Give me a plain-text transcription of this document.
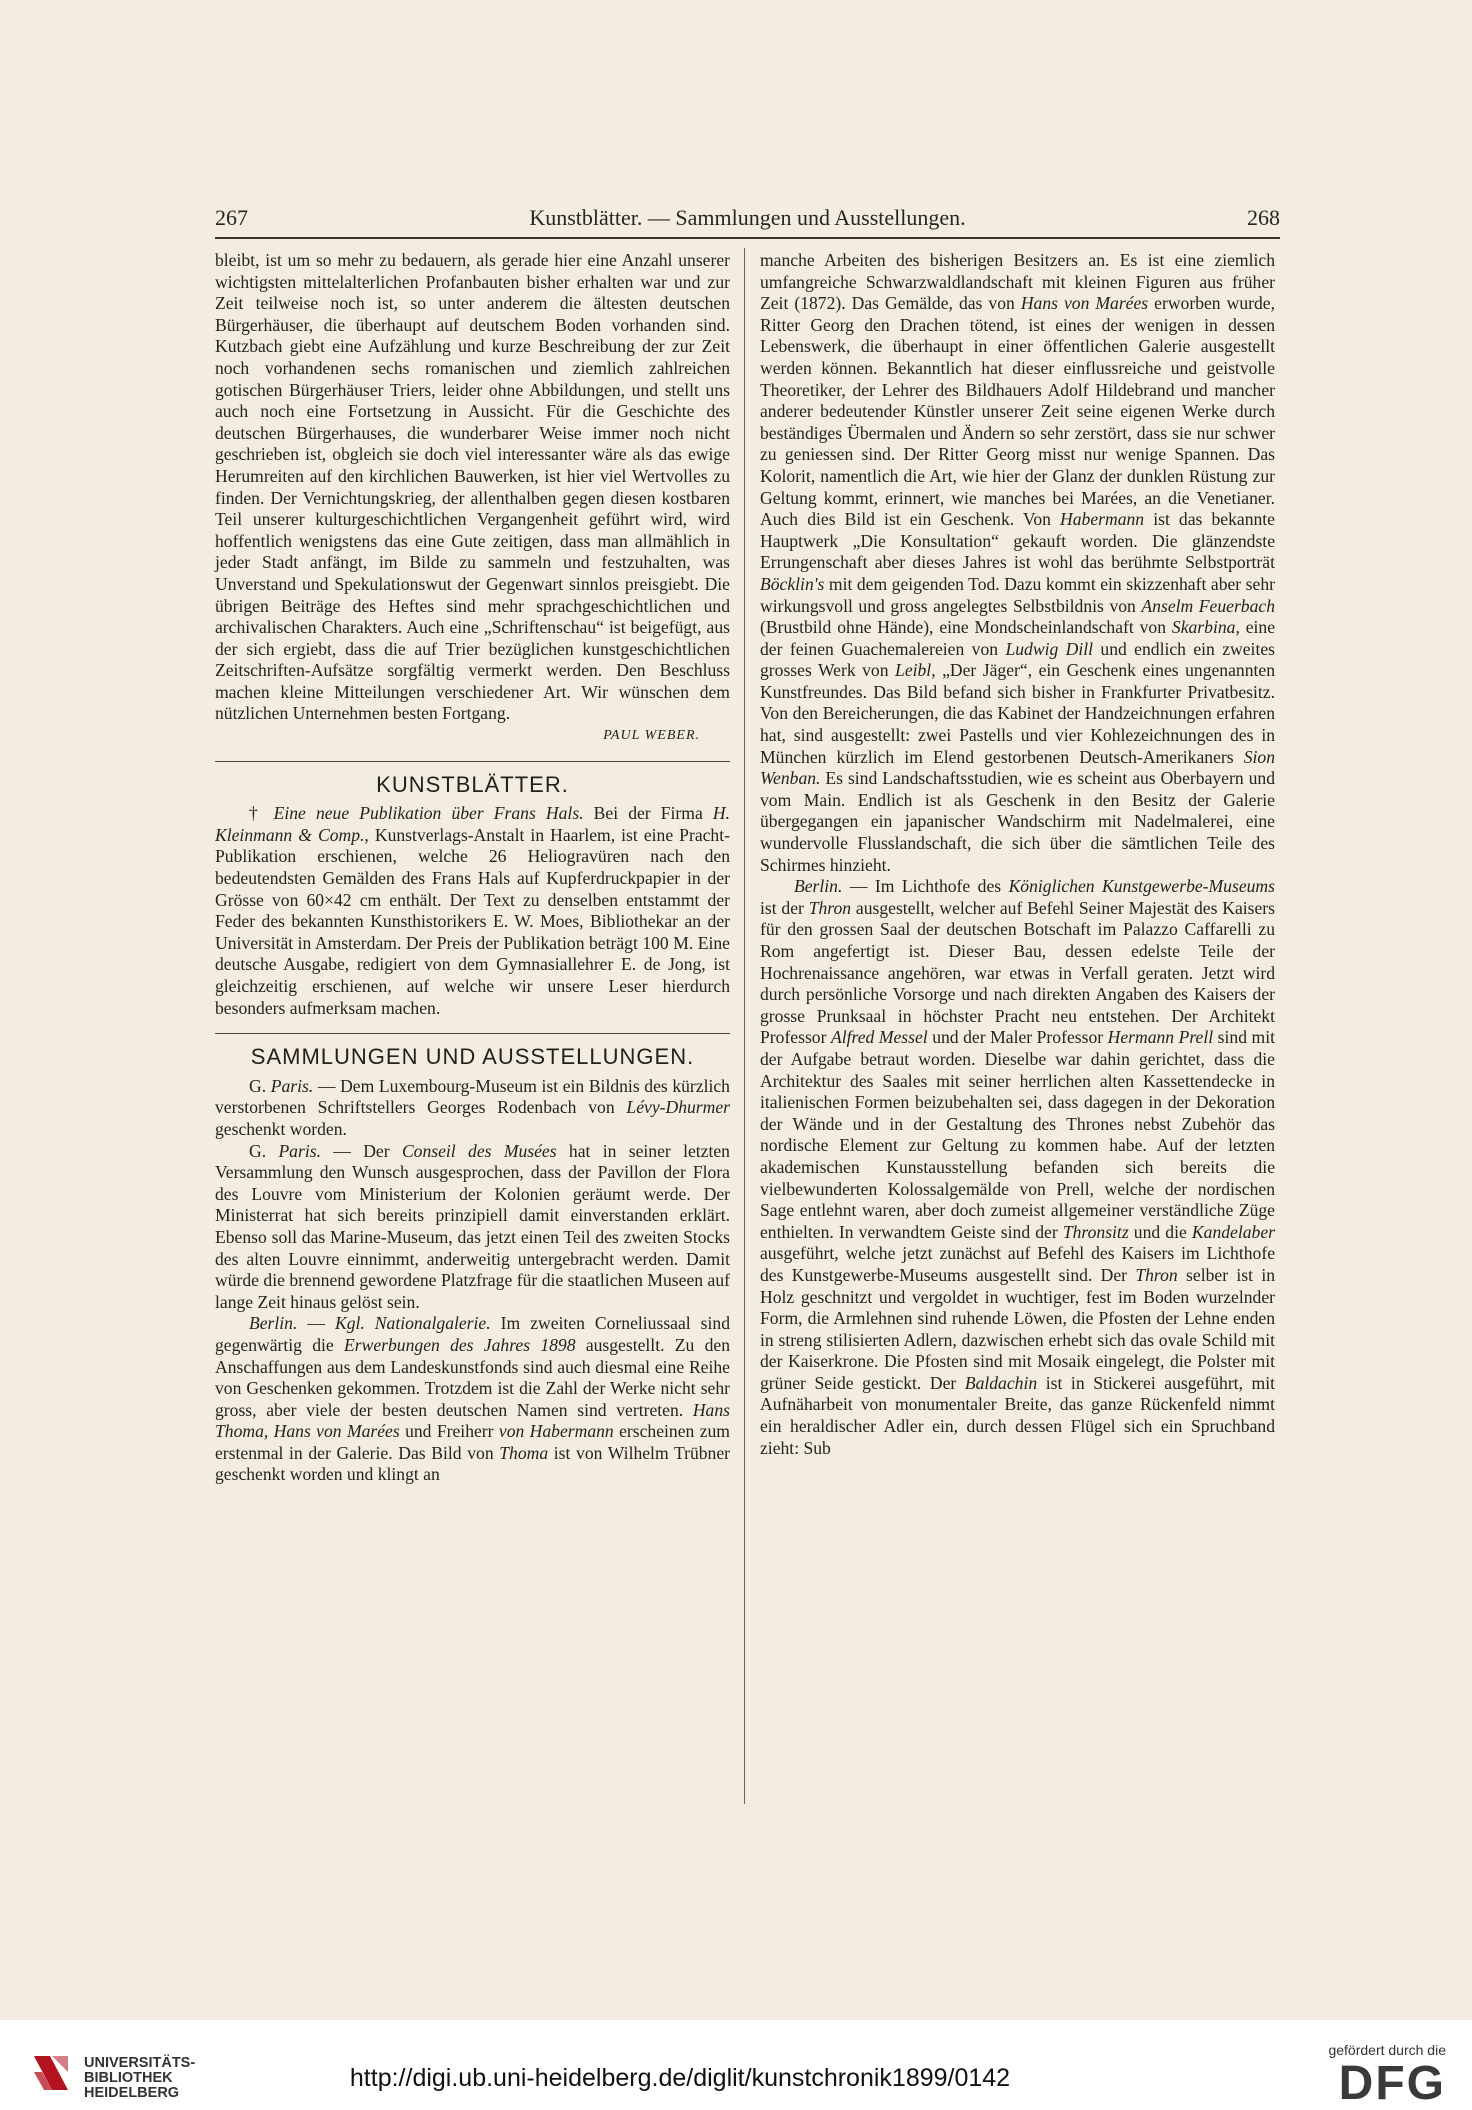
267	Kunstblätter. — Sammlungen und Ausstellungen.	268

bleibt, ist um so mehr zu bedauern, als gerade hier eine Anzahl unserer wichtigsten mittelalterlichen Profanbauten bisher erhalten war und zur Zeit teilweise noch ist, so unter anderem die ältesten deutschen Bürgerhäuser, die überhaupt auf deutschem Boden vorhanden sind. Kutzbach giebt eine Aufzählung und kurze Beschreibung der zur Zeit noch vorhandenen sechs romanischen und ziemlich zahlreichen gotischen Bürgerhäuser Triers, leider ohne Abbildungen, und stellt uns auch noch eine Fortsetzung in Aussicht. Für die Geschichte des deutschen Bürgerhauses, die wunderbarer Weise immer noch nicht geschrieben ist, obgleich sie doch viel interessanter wäre als das ewige Herumreiten auf den kirchlichen Bauwerken, ist hier viel Wertvolles zu finden. Der Vernichtungskrieg, der allenthalben gegen diesen kostbaren Teil unserer kulturgeschichtlichen Vergangenheit geführt wird, wird hoffentlich wenigstens das eine Gute zeitigen, dass man allmählich in jeder Stadt anfängt, im Bilde zu sammeln und festzuhalten, was Unverstand und Spekulationswut der Gegenwart sinnlos preisgiebt. Die übrigen Beiträge des Heftes sind mehr sprachgeschichtlichen und archivalischen Charakters. Auch eine „Schriftenschau“ ist beigefügt, aus der sich ergiebt, dass die auf Trier bezüglichen kunstgeschichtlichen Zeitschriften-Aufsätze sorgfältig vermerkt werden. Den Beschluss machen kleine Mitteilungen verschiedener Art. Wir wünschen dem nützlichen Unternehmen besten Fortgang.

PAUL WEBER.

KUNSTBLÄTTER.

† Eine neue Publikation über Frans Hals. Bei der Firma H. Kleinmann & Comp., Kunstverlags-Anstalt in Haarlem, ist eine Pracht-Publikation erschienen, welche 26 Heliogravüren nach den bedeutendsten Gemälden des Frans Hals auf Kupferdruckpapier in der Grösse von 60×42 cm enthält. Der Text zu denselben entstammt der Feder des bekannten Kunsthistorikers E. W. Moes, Bibliothekar an der Universität in Amsterdam. Der Preis der Publikation beträgt 100 M. Eine deutsche Ausgabe, redigiert von dem Gymnasiallehrer E. de Jong, ist gleichzeitig erschienen, auf welche wir unsere Leser hierdurch besonders aufmerksam machen.

SAMMLUNGEN UND AUSSTELLUNGEN.

G. Paris. — Dem Luxembourg-Museum ist ein Bildnis des kürzlich verstorbenen Schriftstellers Georges Rodenbach von Lévy-Dhurmer geschenkt worden.

G. Paris. — Der Conseil des Musées hat in seiner letzten Versammlung den Wunsch ausgesprochen, dass der Pavillon der Flora des Louvre vom Ministerium der Kolonien geräumt werde. Der Ministerrat hat sich bereits prinzipiell damit einverstanden erklärt. Ebenso soll das Marine-Museum, das jetzt einen Teil des zweiten Stocks des alten Louvre einnimmt, anderweitig untergebracht werden. Damit würde die brennend gewordene Platzfrage für die staatlichen Museen auf lange Zeit hinaus gelöst sein.

Berlin. — Kgl. Nationalgalerie. Im zweiten Corneliussaal sind gegenwärtig die Erwerbungen des Jahres 1898 ausgestellt. Zu den Anschaffungen aus dem Landeskunstfonds sind auch diesmal eine Reihe von Geschenken gekommen. Trotzdem ist die Zahl der Werke nicht sehr gross, aber viele der besten deutschen Namen sind vertreten. Hans Thoma, Hans von Marées und Freiherr von Habermann erscheinen zum erstenmal in der Galerie. Das Bild von Thoma ist von Wilhelm Trübner geschenkt worden und klingt an

manche Arbeiten des bisherigen Besitzers an. Es ist eine ziemlich umfangreiche Schwarzwaldlandschaft mit kleinen Figuren aus früher Zeit (1872). Das Gemälde, das von Hans von Marées erworben wurde, Ritter Georg den Drachen tötend, ist eines der wenigen in dessen Lebenswerk, die überhaupt in einer öffentlichen Galerie ausgestellt werden können. Bekanntlich hat dieser einflussreiche und geistvolle Theoretiker, der Lehrer des Bildhauers Adolf Hildebrand und mancher anderer bedeutender Künstler unserer Zeit seine eigenen Werke durch beständiges Übermalen und Ändern so sehr zerstört, dass sie nur schwer zu geniessen sind. Der Ritter Georg misst nur wenige Spannen. Das Kolorit, namentlich die Art, wie hier der Glanz der dunklen Rüstung zur Geltung kommt, erinnert, wie manches bei Marées, an die Venetianer. Auch dies Bild ist ein Geschenk. Von Habermann ist das bekannte Hauptwerk „Die Konsultation“ gekauft worden. Die glänzendste Errungenschaft aber dieses Jahres ist wohl das berühmte Selbstporträt Böcklin's mit dem geigenden Tod. Dazu kommt ein skizzenhaft aber sehr wirkungsvoll und gross angelegtes Selbstbildnis von Anselm Feuerbach (Brustbild ohne Hände), eine Mondscheinlandschaft von Skarbina, eine der feinen Guachemalereien von Ludwig Dill und endlich ein zweites grosses Werk von Leibl, „Der Jäger“, ein Geschenk eines ungenannten Kunstfreundes. Das Bild befand sich bisher in Frankfurter Privatbesitz. Von den Bereicherungen, die das Kabinet der Handzeichnungen erfahren hat, sind ausgestellt: zwei Pastells und vier Kohlezeichnungen des in München kürzlich im Elend gestorbenen Deutsch-Amerikaners Sion Wenban. Es sind Landschaftsstudien, wie es scheint aus Oberbayern und vom Main. Endlich ist als Geschenk in den Besitz der Galerie übergegangen ein japanischer Wandschirm mit Nadelmalerei, eine wundervolle Flusslandschaft, die sich über die sämtlichen Teile des Schirmes hinzieht.

Berlin. — Im Lichthofe des Königlichen Kunstgewerbe-Museums ist der Thron ausgestellt, welcher auf Befehl Seiner Majestät des Kaisers für den grossen Saal der deutschen Botschaft im Palazzo Caffarelli zu Rom angefertigt ist. Dieser Bau, dessen edelste Teile der Hochrenaissance angehören, war etwas in Verfall geraten. Jetzt wird durch persönliche Vorsorge und nach direkten Angaben des Kaisers der grosse Prunksaal in höchster Pracht neu entstehen. Der Architekt Professor Alfred Messel und der Maler Professor Hermann Prell sind mit der Aufgabe betraut worden. Dieselbe war dahin gerichtet, dass die Architektur des Saales mit seiner herrlichen alten Kassettendecke in italienischen Formen beizubehalten sei, dass dagegen in der Dekoration der Wände und in der Gestaltung des Thrones nebst Zubehör das nordische Element zur Geltung zu kommen habe. Auf der letzten akademischen Kunstausstellung befanden sich bereits die vielbewunderten Kolossalgemälde von Prell, welche der nordischen Sage entlehnt waren, aber doch zumeist allgemeiner verständliche Züge enthielten. In verwandtem Geiste sind der Thronsitz und die Kandelaber ausgeführt, welche jetzt zunächst auf Befehl des Kaisers im Lichthofe des Kunstgewerbe-Museums ausgestellt sind. Der Thron selber ist in Holz geschnitzt und vergoldet in wuchtiger, fest im Boden wurzelnder Form, die Armlehnen sind ruhende Löwen, die Pfosten der Lehne enden in streng stilisierten Adlern, dazwischen erhebt sich das ovale Schild mit der Kaiserkrone. Die Pfosten sind mit Mosaik eingelegt, die Polster mit grüner Seide gestickt. Der Baldachin ist in Stickerei ausgeführt, mit Aufnäharbeit von monumentaler Breite, das ganze Rückenfeld nimmt ein heraldischer Adler ein, durch dessen Flügel sich ein Spruchband zieht: Sub

UNIVERSITÄTS-
BIBLIOTHEK
HEIDELBERG
http://digi.ub.uni-heidelberg.de/diglit/kunstchronik1899/0142
gefördert durch die
DFG
